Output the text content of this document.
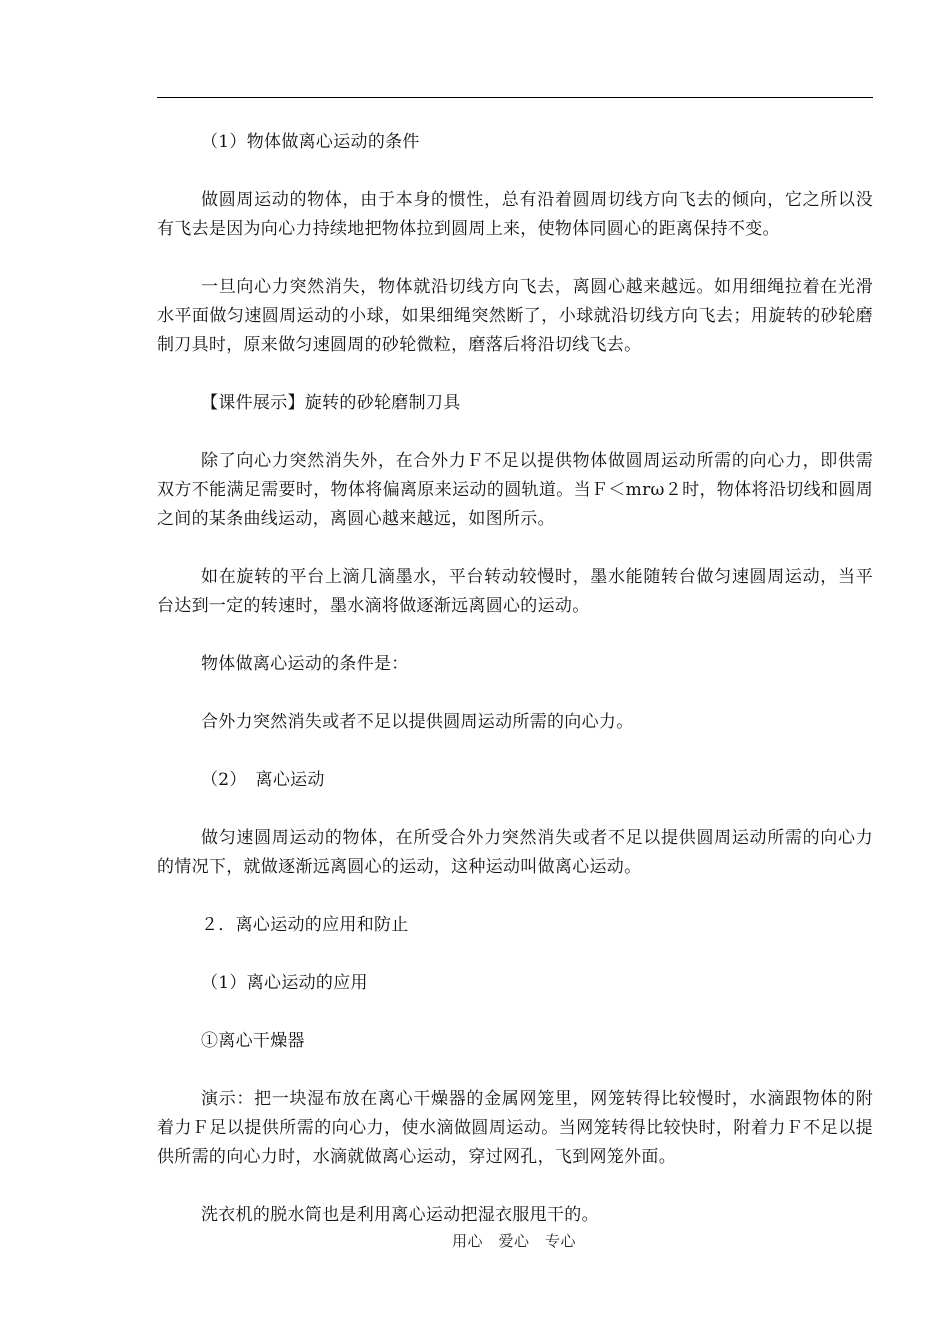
（1）物体做离心运动的条件

做圆周运动的物体，由于本身的惯性，总有沿着圆周切线方向飞去的倾向，它之所以没有飞去是因为向心力持续地把物体拉到圆周上来，使物体同圆心的距离保持不变。

一旦向心力突然消失，物体就沿切线方向飞去，离圆心越来越远。如用细绳拉着在光滑水平面做匀速圆周运动的小球，如果细绳突然断了，小球就沿切线方向飞去；用旋转的砂轮磨制刀具时，原来做匀速圆周的砂轮微粒，磨落后将沿切线飞去。

【课件展示】旋转的砂轮磨制刀具

除了向心力突然消失外，在合外力Ｆ不足以提供物体做圆周运动所需的向心力，即供需双方不能满足需要时，物体将偏离原来运动的圆轨道。当Ｆ＜mrω２时，物体将沿切线和圆周之间的某条曲线运动，离圆心越来越远，如图所示。

如在旋转的平台上滴几滴墨水，平台转动较慢时，墨水能随转台做匀速圆周运动，当平台达到一定的转速时，墨水滴将做逐渐远离圆心的运动。

物体做离心运动的条件是：

合外力突然消失或者不足以提供圆周运动所需的向心力。

（2）　离心运动

做匀速圆周运动的物体，在所受合外力突然消失或者不足以提供圆周运动所需的向心力的情况下，就做逐渐远离圆心的运动，这种运动叫做离心运动。

２．离心运动的应用和防止

（1）离心运动的应用

①离心干燥器

演示：把一块湿布放在离心干燥器的金属网笼里，网笼转得比较慢时，水滴跟物体的附着力Ｆ足以提供所需的向心力，使水滴做圆周运动。当网笼转得比较快时，附着力Ｆ不足以提供所需的向心力时，水滴就做离心运动，穿过网孔，飞到网笼外面。

洗衣机的脱水筒也是利用离心运动把湿衣服甩干的。

用心　爱心　专心
